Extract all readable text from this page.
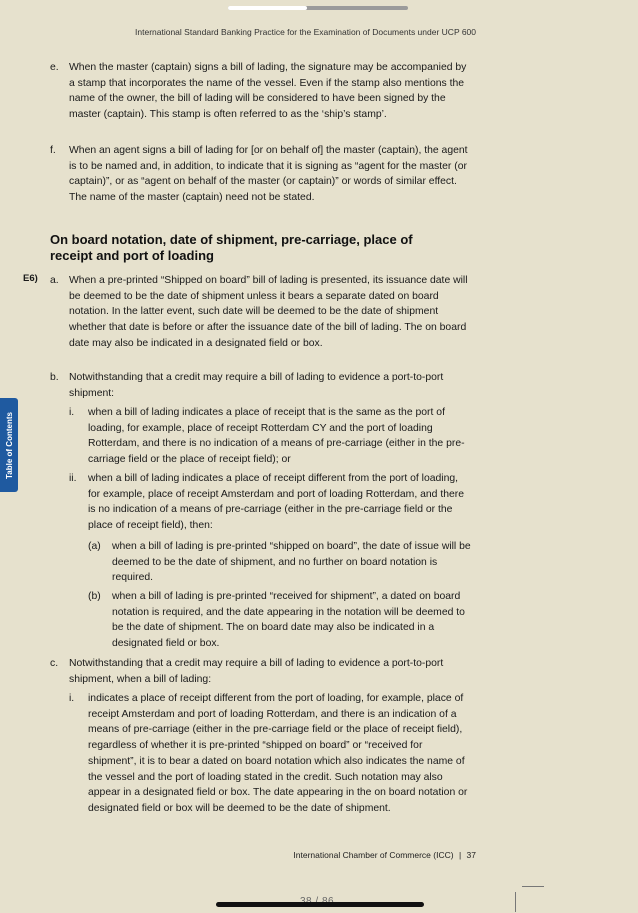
International Standard Banking Practice for the Examination of Documents under UCP 600
Table of Contents
e. When the master (captain) signs a bill of lading, the signature may be accompanied by a stamp that incorporates the name of the vessel. Even if the stamp also mentions the name of the owner, the bill of lading will be considered to have been signed by the master (captain). This stamp is often referred to as the ‘ship’s stamp’.
f. When an agent signs a bill of lading for [or on behalf of] the master (captain), the agent is to be named and, in addition, to indicate that it is signing as “agent for the master (or captain)”, or as “agent on behalf of the master (or captain)” or words of similar effect. The name of the master (captain) need not be stated.
On board notation, date of shipment, pre-carriage, place of receipt and port of loading
E6) a. When a pre-printed “Shipped on board” bill of lading is presented, its issuance date will be deemed to be the date of shipment unless it bears a separate dated on board notation. In the latter event, such date will be deemed to be the date of shipment whether that date is before or after the issuance date of the bill of lading. The on board date may also be indicated in a designated field or box.
b. Notwithstanding that a credit may require a bill of lading to evidence a port-to-port shipment:
i. when a bill of lading indicates a place of receipt that is the same as the port of loading, for example, place of receipt Rotterdam CY and the port of loading Rotterdam, and there is no indication of a means of pre-carriage (either in the pre-carriage field or the place of receipt field); or
ii. when a bill of lading indicates a place of receipt different from the port of loading, for example, place of receipt Amsterdam and port of loading Rotterdam, and there is no indication of a means of pre-carriage (either in the pre-carriage field or the place of receipt field), then:
(a) when a bill of lading is pre-printed “shipped on board”, the date of issue will be deemed to be the date of shipment, and no further on board notation is required.
(b) when a bill of lading is pre-printed “received for shipment”, a dated on board notation is required, and the date appearing in the notation will be deemed to be the date of shipment. The on board date may also be indicated in a designated field or box.
c. Notwithstanding that a credit may require a bill of lading to evidence a port-to-port shipment, when a bill of lading:
i. indicates a place of receipt different from the port of loading, for example, place of receipt Amsterdam and port of loading Rotterdam, and there is an indication of a means of pre-carriage (either in the pre-carriage field or the place of receipt field), regardless of whether it is pre-printed “shipped on board” or “received for shipment”, it is to bear a dated on board notation which also indicates the name of the vessel and the port of loading stated in the credit. Such notation may also appear in a designated field or box. The date appearing in the on board notation or designated field or box will be deemed to be the date of shipment.
International Chamber of Commerce (ICC) | 37
